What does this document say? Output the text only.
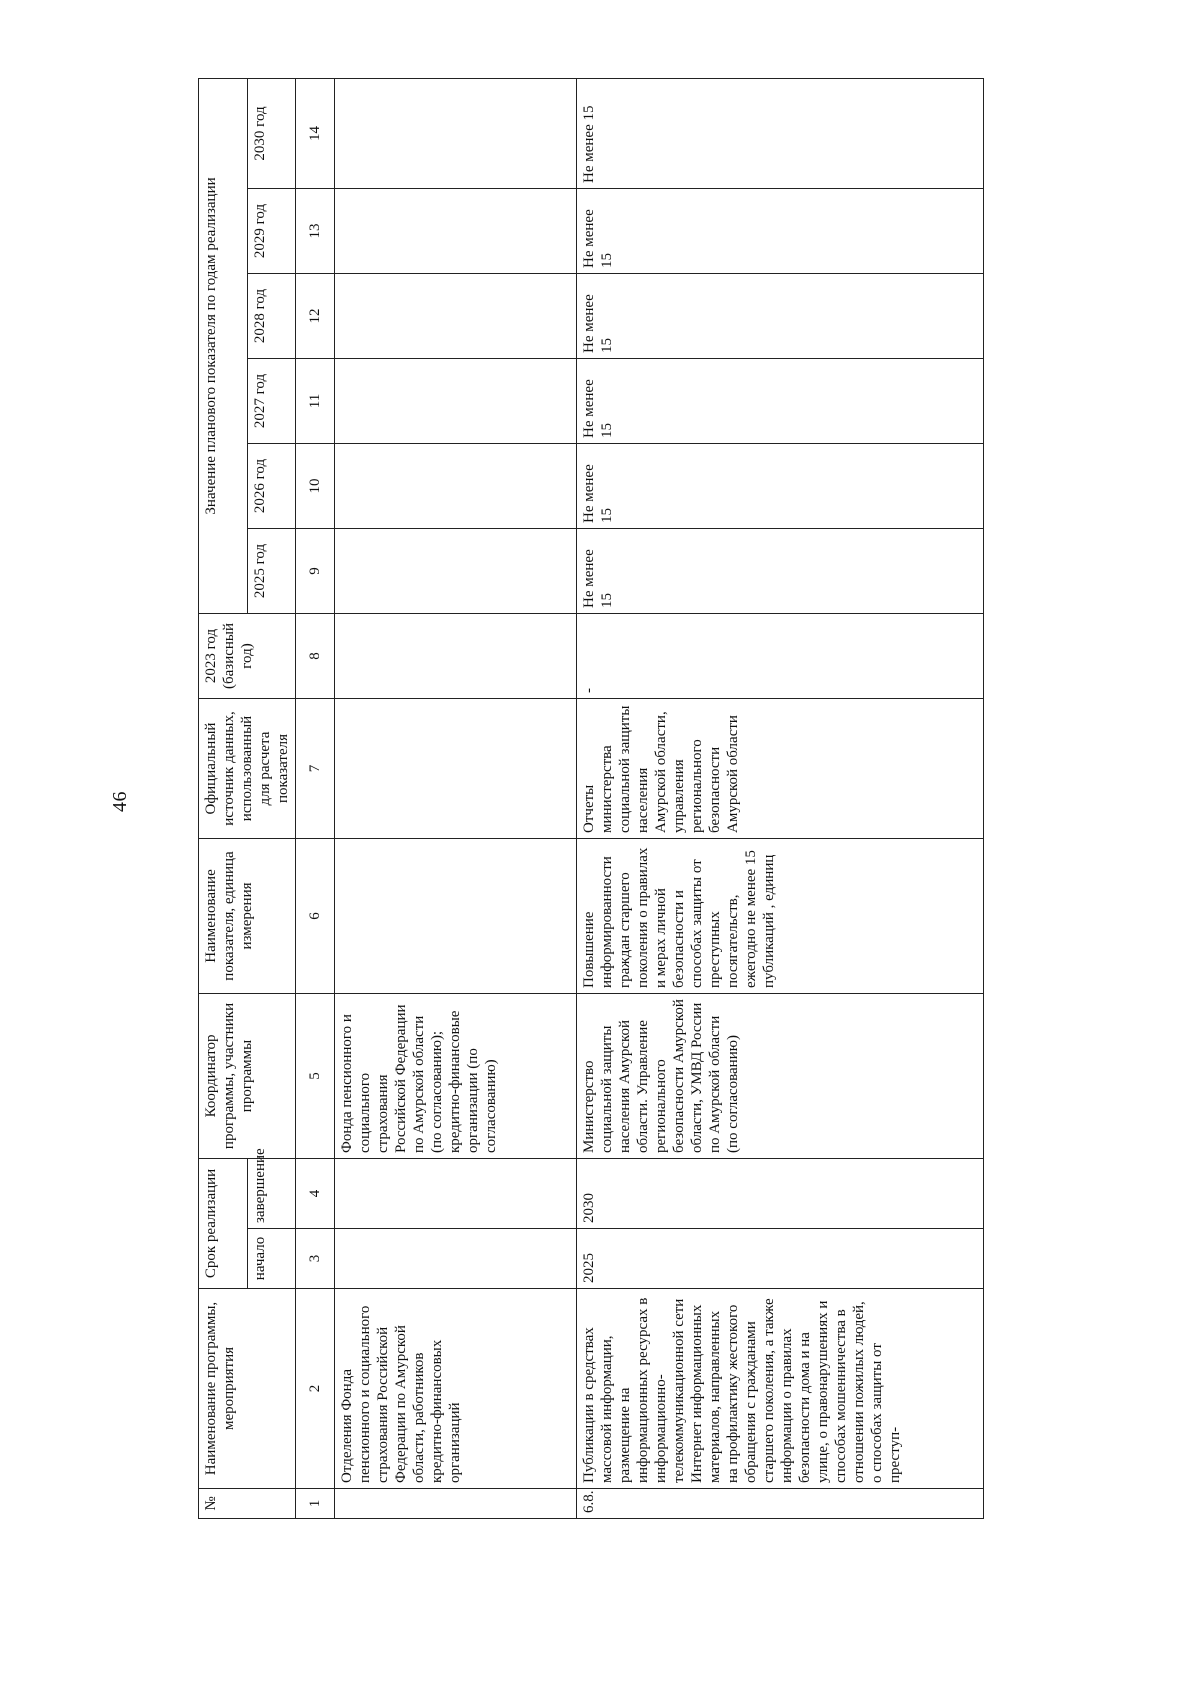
46
№	Наименование программы, мероприятия	Срок реализации		Координатор программы, участники программы	Наименование показателя, единица измерения	Официальный источник данных, использованный для расчета показателя	2023 год (базисный год)	Значение планового показателя по годам реализации					
		начало	завершение					2025 год	2026 год	2027 год	2028 год	2029 год	2030 год
1	2	3	4	5	6	7	8	9	10	11	12	13	14
	Отделения Фонда пенсионного и социального страхования Российской Федерации по Амурской области, работников кредитно-финансовых организаций			Фонда пенсионного и социального страхования Российской Федерации по Амурской области (по согласованию); кредитно-финансовые организации (по согласованию)									
6.8.	Публикации в средствах массовой информации, размещение на информационных ресурсах в информационно-телекоммуникационной сети Интернет информационных материалов, направленных на профилактику жестокого обращения с гражданами старшего поколения, а также информации о правилах безопасности дома и на улице, о правонарушениях и способах мошенничества в отношении пожилых людей, о способах защиты от преступ-	2025	2030	Министерство социальной защиты населения Амурской области. Управление регионального безопасности Амурской области, УМВД России по Амурской области (по согласованию)	Повышение информированности граждан старшего поколения о правилах и мерах личной безопасности и способах защиты от преступных посягательств, ежегодно не менее 15 публикаций , единиц	Отчеты министерства социальной защиты населения Амурской области, управления регионального безопасности Амурской области	-	Не менее 15	Не менее 15	Не менее 15	Не менее 15	Не менее 15	Не менее 15
